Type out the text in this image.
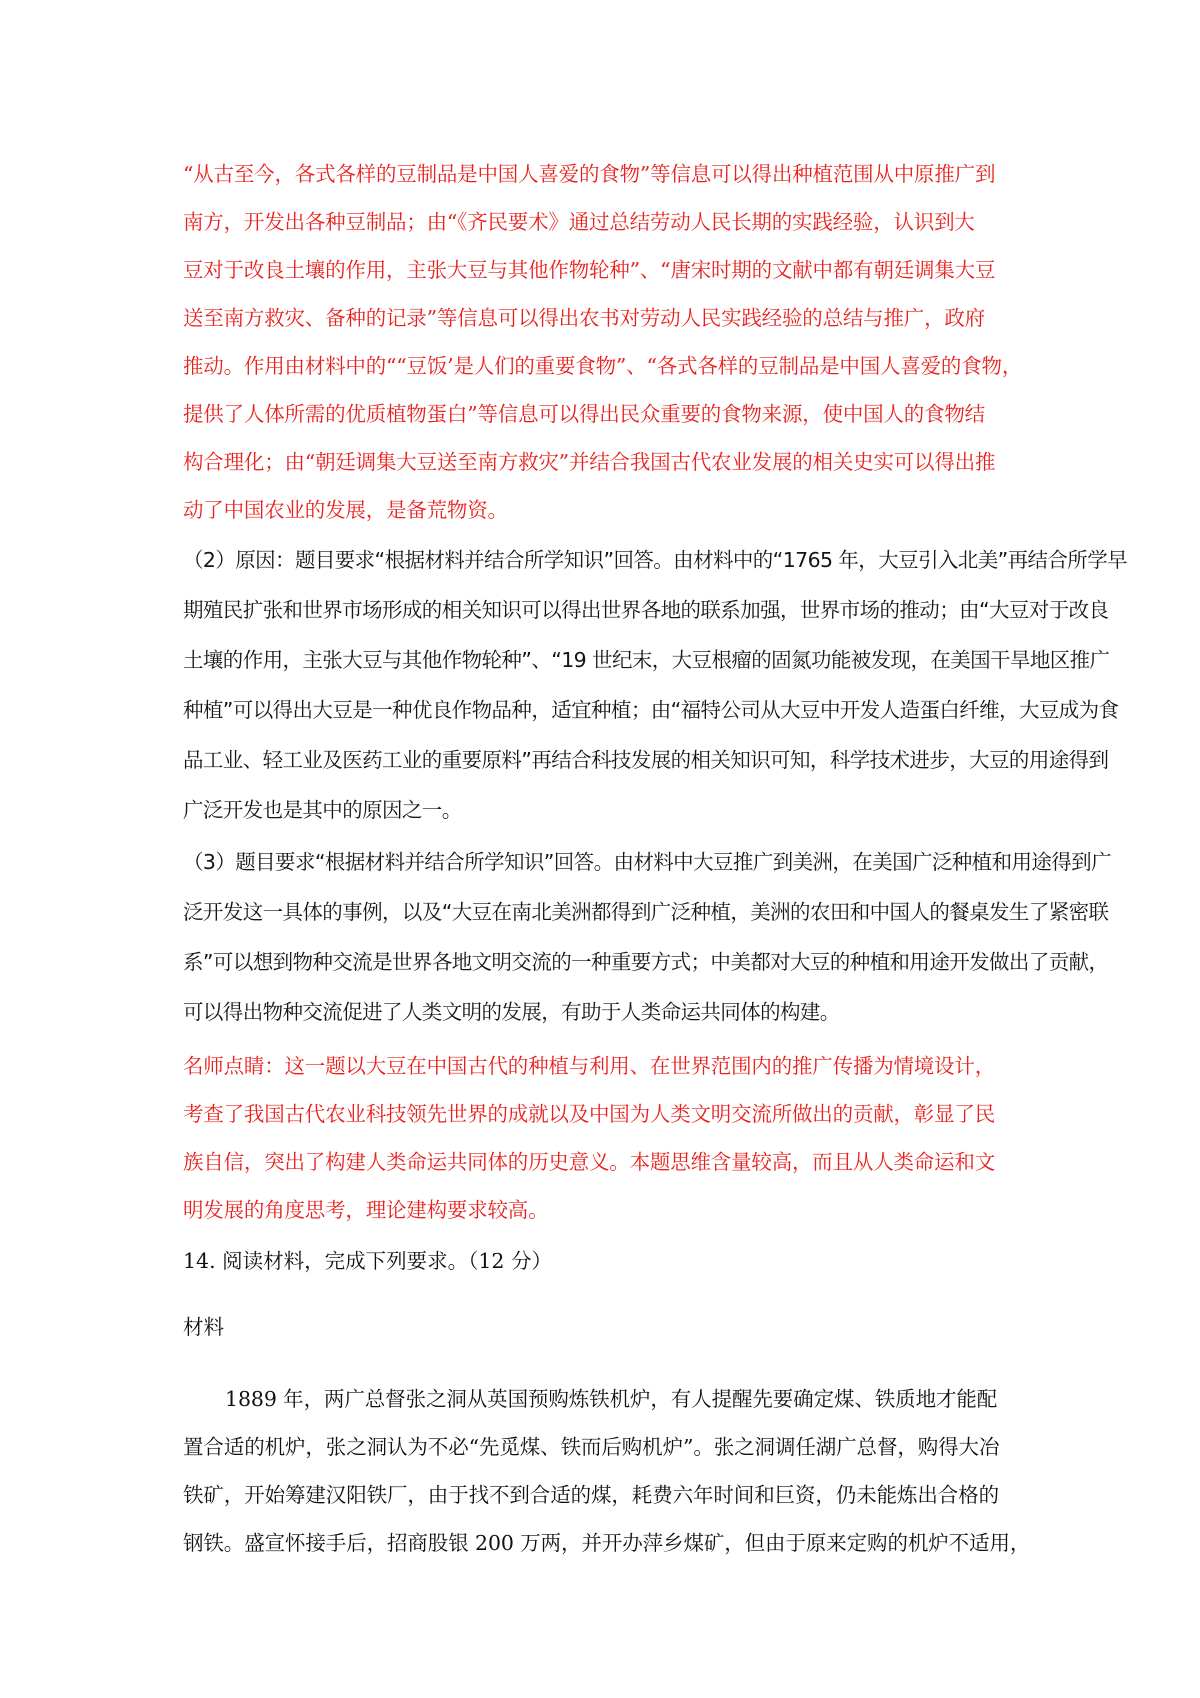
“从古至今，各式各样的豆制品是中国人喜爱的食物”等信息可以得出种植范围从中原推广到
南方，开发出各种豆制品；由“《齐民要术》通过总结劳动人民长期的实践经验，认识到大
豆对于改良土壤的作用，主张大豆与其他作物轮种”、“唐宋时期的文献中都有朝廷调集大豆
送至南方救灾、备种的记录”等信息可以得出农书对劳动人民实践经验的总结与推广，政府
推动。作用由材料中的““豆饭’是人们的重要食物”、“各式各样的豆制品是中国人喜爱的食物，
提供了人体所需的优质植物蛋白”等信息可以得出民众重要的食物来源，使中国人的食物结
构合理化；由“朝廷调集大豆送至南方救灾”并结合我国古代农业发展的相关史实可以得出推
动了中国农业的发展，是备荒物资。
（2）原因：题目要求“根据材料并结合所学知识”回答。由材料中的“1765 年，大豆引入北美”再结合所学早
期殖民扩张和世界市场形成的相关知识可以得出世界各地的联系加强，世界市场的推动；由“大豆对于改良
土壤的作用，主张大豆与其他作物轮种”、“19 世纪末，大豆根瘤的固氮功能被发现，在美国干旱地区推广
种植”可以得出大豆是一种优良作物品种，适宜种植；由“福特公司从大豆中开发人造蛋白纤维，大豆成为食
品工业、轻工业及医药工业的重要原料”再结合科技发展的相关知识可知，科学技术进步，大豆的用途得到
广泛开发也是其中的原因之一。
（3）题目要求“根据材料并结合所学知识”回答。由材料中大豆推广到美洲，在美国广泛种植和用途得到广
泛开发这一具体的事例，以及“大豆在南北美洲都得到广泛种植，美洲的农田和中国人的餐桌发生了紧密联
系”可以想到物种交流是世界各地文明交流的一种重要方式；中美都对大豆的种植和用途开发做出了贡献，
可以得出物种交流促进了人类文明的发展，有助于人类命运共同体的构建。
名师点睛：这一题以大豆在中国古代的种植与利用、在世界范围内的推广传播为情境设计，
考查了我国古代农业科技领先世界的成就以及中国为人类文明交流所做出的贡献，彰显了民
族自信，突出了构建人类命运共同体的历史意义。本题思维含量较高，而且从人类命运和文
明发展的角度思考，理论建构要求较高。
14. 阅读材料，完成下列要求。（12 分）
材料
1889 年，两广总督张之洞从英国预购炼铁机炉，有人提醒先要确定煤、铁质地才能配
置合适的机炉，张之洞认为不必“先觅煤、铁而后购机炉”。张之洞调任湖广总督，购得大冶
铁矿，开始筹建汉阳铁厂，由于找不到合适的煤，耗费六年时间和巨资，仍未能炼出合格的
钢铁。盛宣怀接手后，招商股银 200 万两，并开办萍乡煤矿，但由于原来定购的机炉不适用，
